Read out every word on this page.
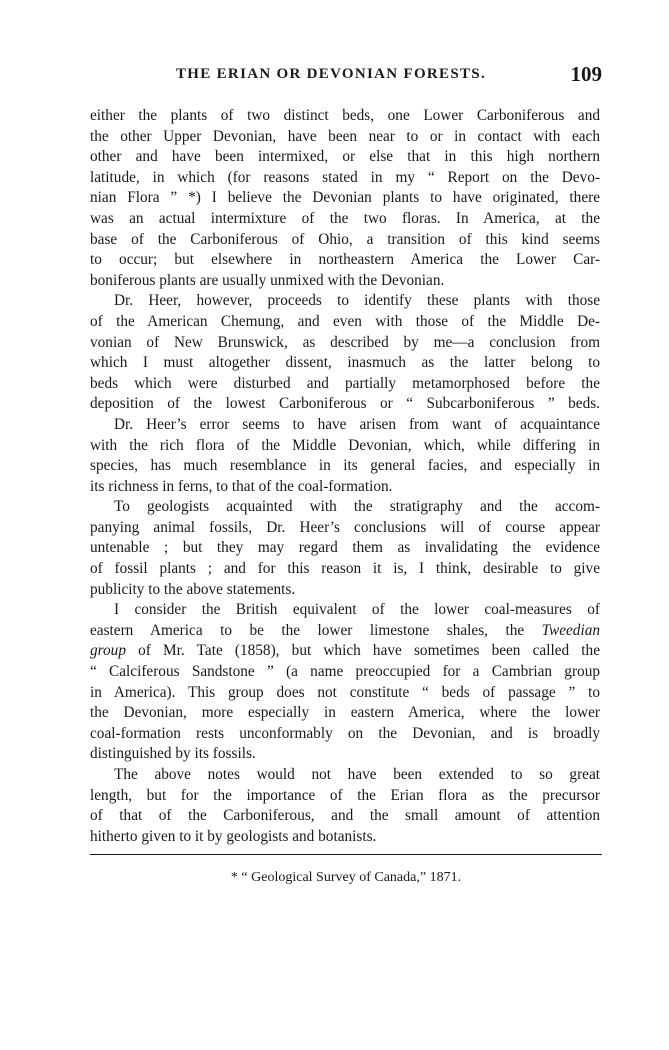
THE ERIAN OR DEVONIAN FORESTS.	109

either the plants of two distinct beds, one Lower Carboniferous and
the other Upper Devonian, have been near to or in contact with each
other and have been intermixed, or else that in this high northern
latitude, in which (for reasons stated in my “ Report on the Devo-
nian Flora ” *) I believe the Devonian plants to have originated, there
was an actual intermixture of the two floras. In America, at the
base of the Carboniferous of Ohio, a transition of this kind seems
to occur; but elsewhere in northeastern America the Lower Car-
boniferous plants are usually unmixed with the Devonian.

Dr. Heer, however, proceeds to identify these plants with those
of the American Chemung, and even with those of the Middle De-
vonian of New Brunswick, as described by me—a conclusion from
which I must altogether dissent, inasmuch as the latter belong to
beds which were disturbed and partially metamorphosed before the
deposition of the lowest Carboniferous or “ Subcarboniferous ” beds.

Dr. Heer’s error seems to have arisen from want of acquaintance
with the rich flora of the Middle Devonian, which, while differing in
species, has much resemblance in its general facies, and especially in
its richness in ferns, to that of the coal-formation.

To geologists acquainted with the stratigraphy and the accom-
panying animal fossils, Dr. Heer’s conclusions will of course appear
untenable ; but they may regard them as invalidating the evidence
of fossil plants ; and for this reason it is, I think, desirable to give
publicity to the above statements.

I consider the British equivalent of the lower coal-measures of
eastern America to be the lower limestone shales, the Tweedian
group of Mr. Tate (1858), but which have sometimes been called the
“ Calciferous Sandstone ” (a name preoccupied for a Cambrian group
in America). This group does not constitute “ beds of passage ” to
the Devonian, more especially in eastern America, where the lower
coal-formation rests unconformably on the Devonian, and is broadly
distinguished by its fossils.

The above notes would not have been extended to so great
length, but for the importance of the Erian flora as the precursor
of that of the Carboniferous, and the small amount of attention
hitherto given to it by geologists and botanists.

* “ Geological Survey of Canada,” 1871.
